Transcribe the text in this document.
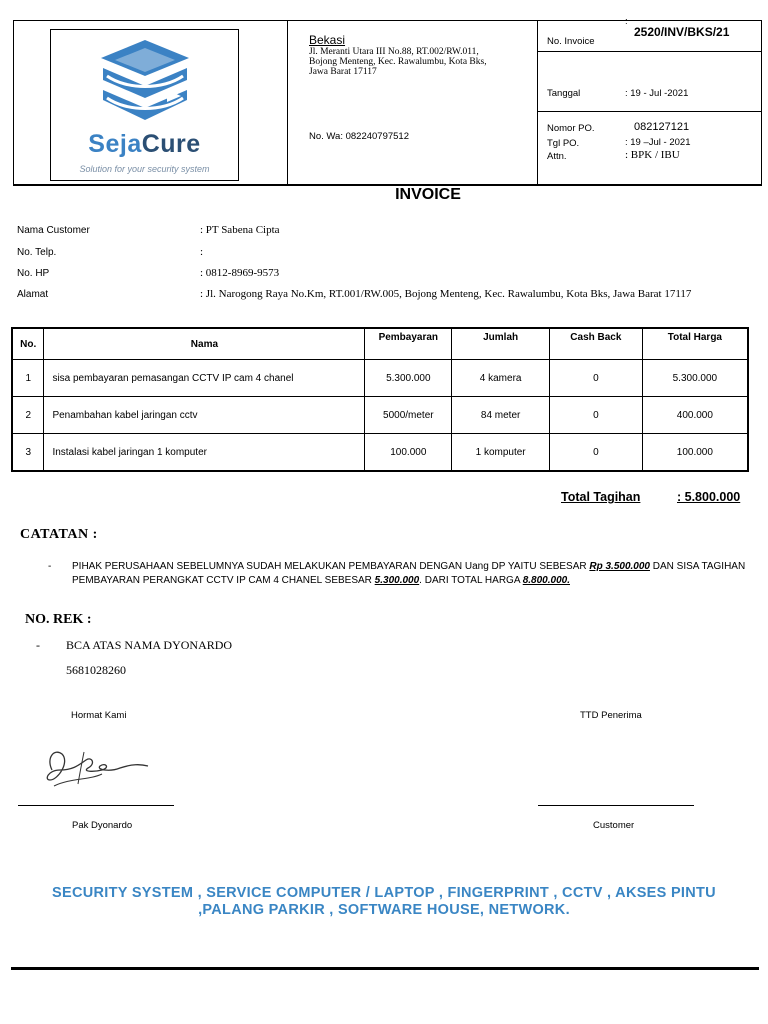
SejaCure
Solution for your security system
Bekasi
Jl. Meranti Utara III No.88, RT.002/RW.011, Bojong Menteng, Kec. Rawalumbu, Kota Bks, Jawa Barat 17117
No. Wa: 082240797512
:
No. Invoice
2520/INV/BKS/21
Tanggal	: 19 - Jul -2021
Nomor PO.	082127121
Tgl PO.	: 19 –Jul - 2021
Attn.	: BPK / IBU
INVOICE
Nama Customer	: PT Sabena Cipta
No. Telp.	:
No. HP	: 0812-8969-9573
Alamat	: Jl. Narogong Raya No.Km, RT.001/RW.005, Bojong Menteng, Kec. Rawalumbu, Kota Bks, Jawa Barat 17117
No.	Nama	Pembayaran	Jumlah	Cash Back	Total Harga
1	sisa pembayaran pemasangan CCTV IP cam 4 chanel	5.300.000	4 kamera	0	5.300.000
2	Penambahan kabel jaringan cctv	5000/meter	84 meter	0	400.000
3	Instalasi kabel jaringan 1 komputer	100.000	1 komputer	0	100.000
Total Tagihan	: 5.800.000
CATATAN :
- PIHAK PERUSAHAAN SEBELUMNYA SUDAH MELAKUKAN PEMBAYARAN DENGAN Uang DP YAITU SEBESAR Rp 3.500.000 DAN SISA TAGIHAN PEMBAYARAN PERANGKAT CCTV IP CAM 4 CHANEL SEBESAR 5.300.000. DARI TOTAL HARGA 8.800.000.
NO. REK :
- BCA ATAS NAMA DYONARDO
5681028260
Hormat Kami
Pak Dyonardo
TTD Penerima
Customer
SECURITY SYSTEM , SERVICE COMPUTER / LAPTOP , FINGERPRINT , CCTV , AKSES PINTU
,PALANG PARKIR , SOFTWARE HOUSE, NETWORK.
